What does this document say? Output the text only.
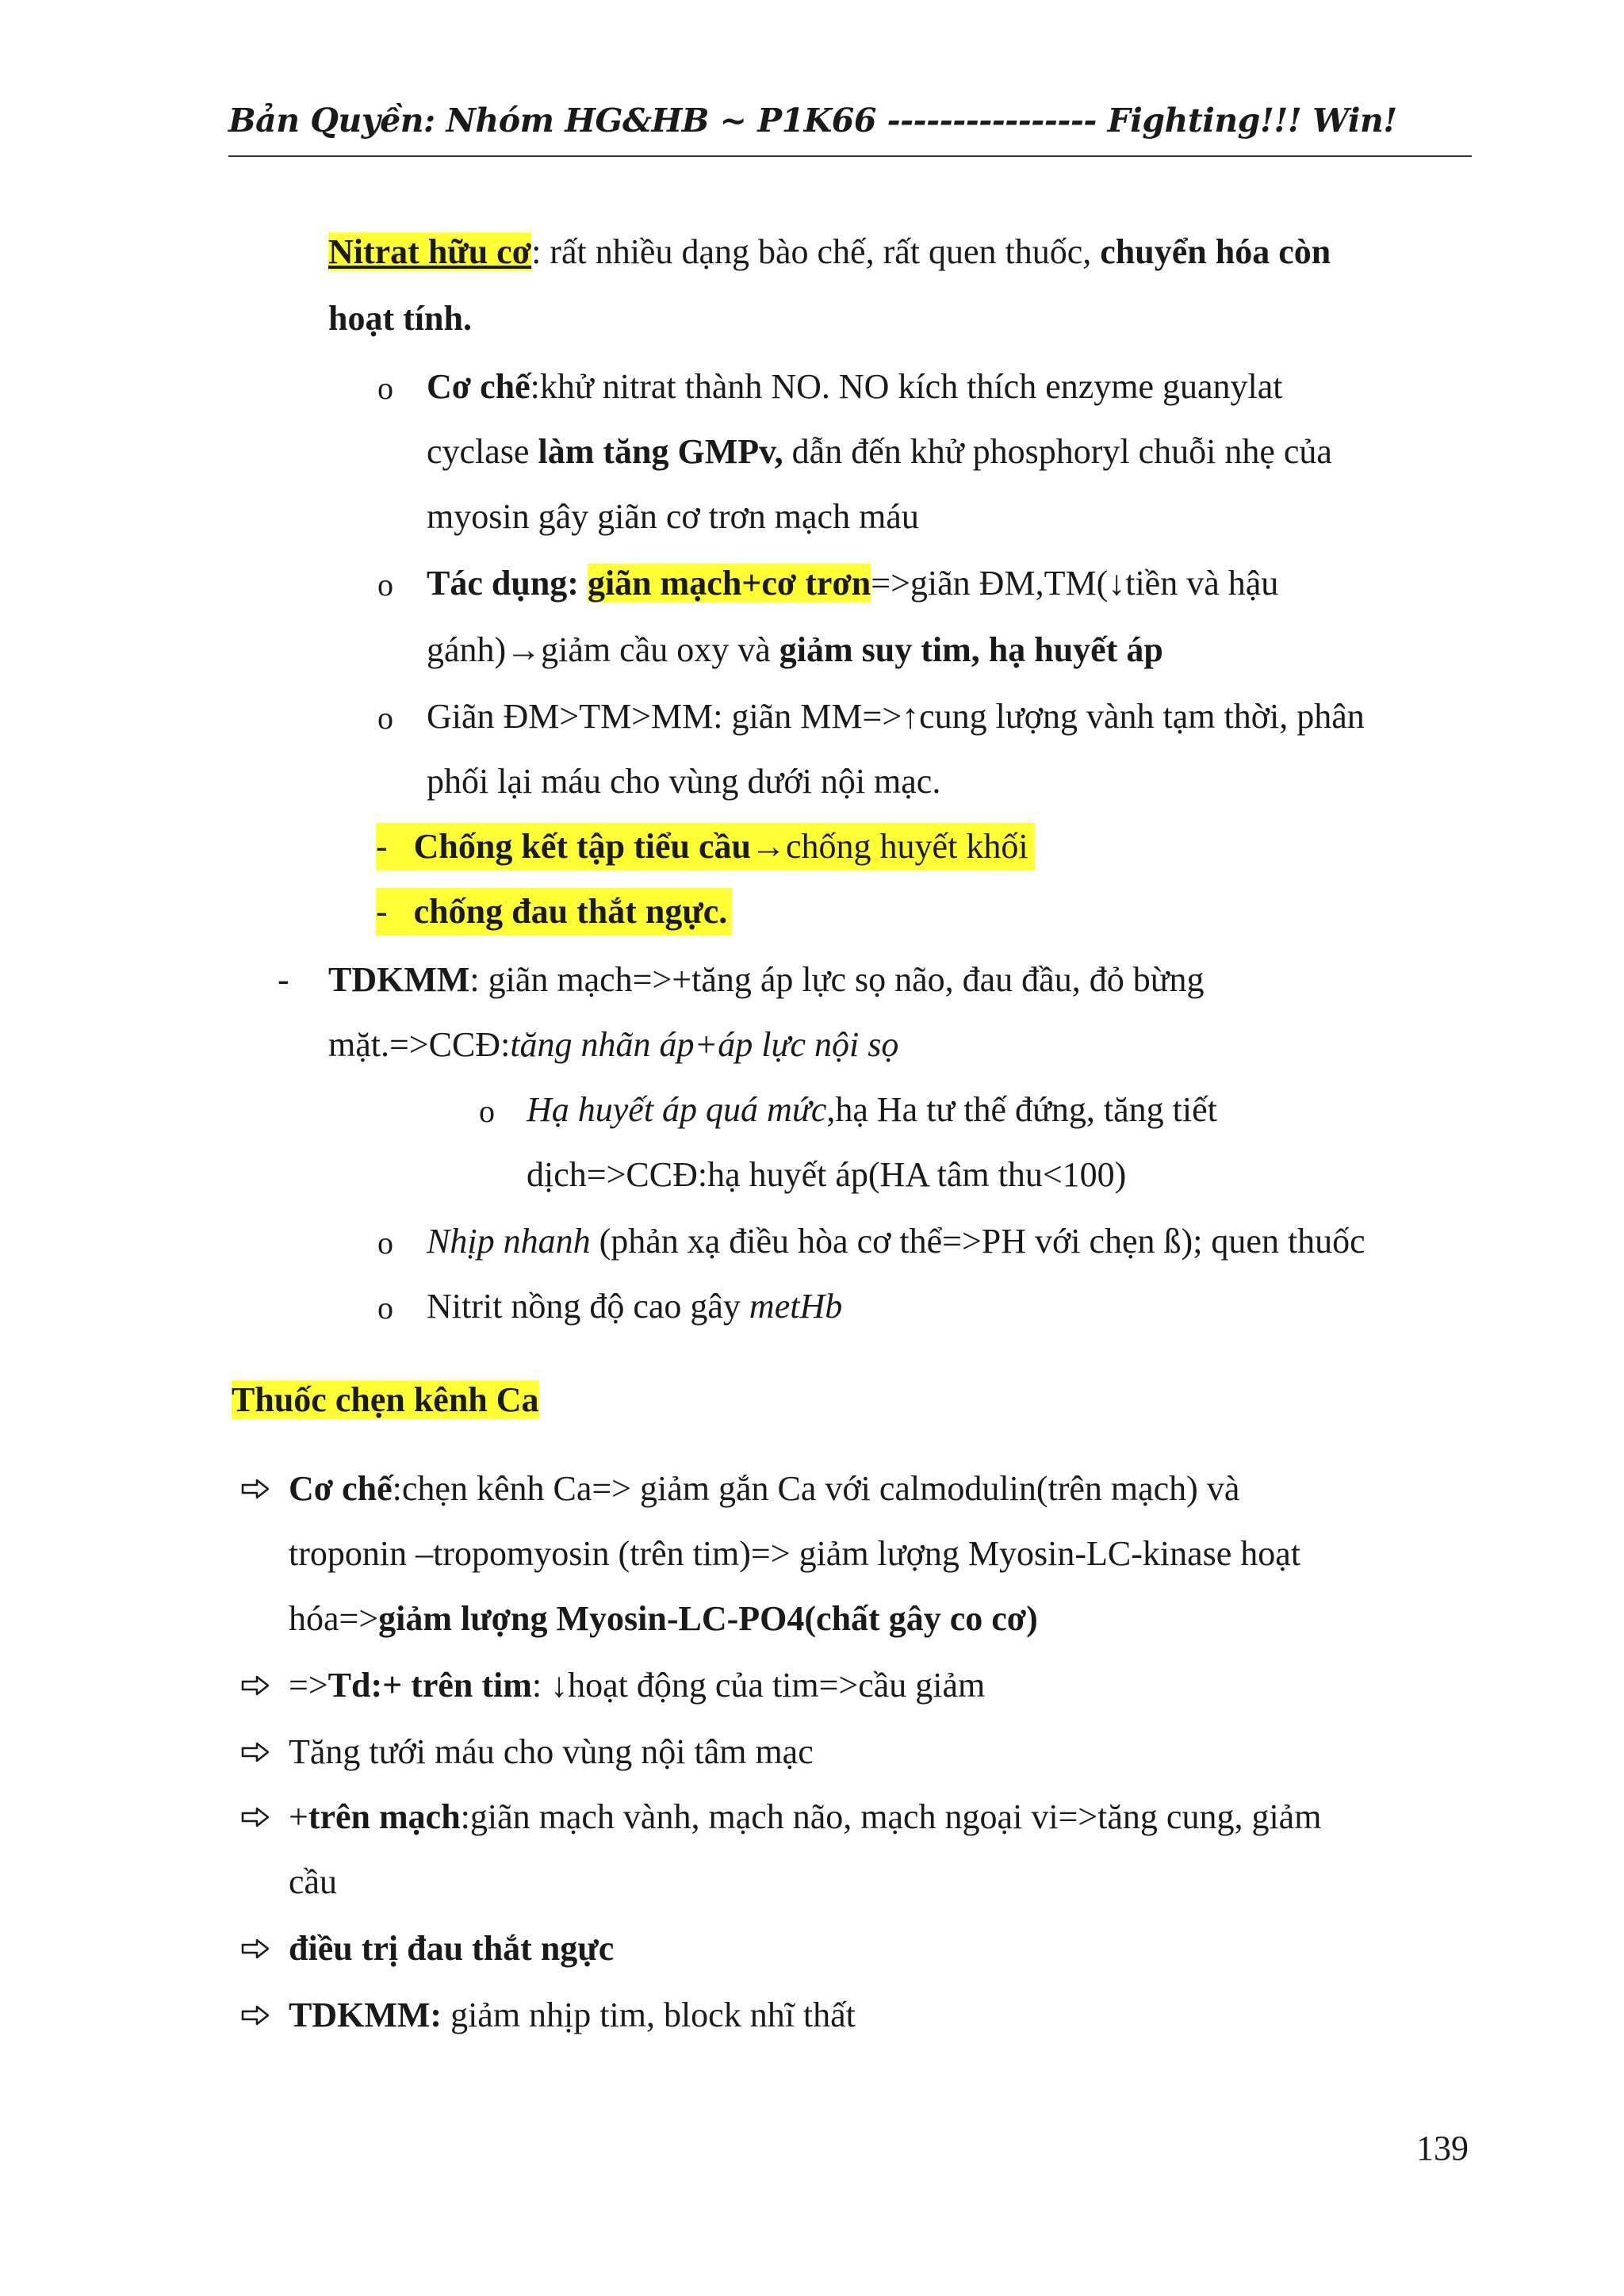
Bản Quyền: Nhóm HG&HB ~ P1K66 ---------------- Fighting!!! Win!
Nitrat hữu cơ: rất nhiều dạng bào chế, rất quen thuốc, chuyển hóa còn
hoạt tính.
o Cơ chế:khử nitrat thành NO. NO kích thích enzyme guanylat
cyclase làm tăng GMPv, dẫn đến khử phosphoryl chuỗi nhẹ của
myosin gây giãn cơ trơn mạch máu
o Tác dụng: giãn mạch+cơ trơn=>giãn ĐM,TM(↓tiền và hậu
gánh)→giảm cầu oxy và giảm suy tim, hạ huyết áp
o Giãn ĐM>TM>MM: giãn MM=>↑cung lượng vành tạm thời, phân
phối lại máu cho vùng dưới nội mạc.
-   Chống kết tập tiểu cầu→chống huyết khối
-   chống đau thắt ngực.
- TDKMM: giãn mạch=>+tăng áp lực sọ não, đau đầu, đỏ bừng
mặt.=>CCĐ:tăng nhãn áp+áp lực nội sọ
o Hạ huyết áp quá mức,hạ Ha tư thế đứng, tăng tiết
dịch=>CCĐ:hạ huyết áp(HA tâm thu<100)
o Nhịp nhanh (phản xạ điều hòa cơ thể=>PH với chẹn ß); quen thuốc
o Nitrit nồng độ cao gây metHb
Thuốc chẹn kênh Ca
Cơ chế:chẹn kênh Ca=> giảm gắn Ca với calmodulin(trên mạch) và
troponin –tropomyosin (trên tim)=> giảm lượng Myosin-LC-kinase hoạt
hóa=>giảm lượng Myosin-LC-PO4(chất gây co cơ)
=>Td:+ trên tim: ↓hoạt động của tim=>cầu giảm
Tăng tưới máu cho vùng nội tâm mạc
+trên mạch:giãn mạch vành, mạch não, mạch ngoại vi=>tăng cung, giảm
cầu
điều trị đau thắt ngực
TDKMM: giảm nhịp tim, block nhĩ thất
139
